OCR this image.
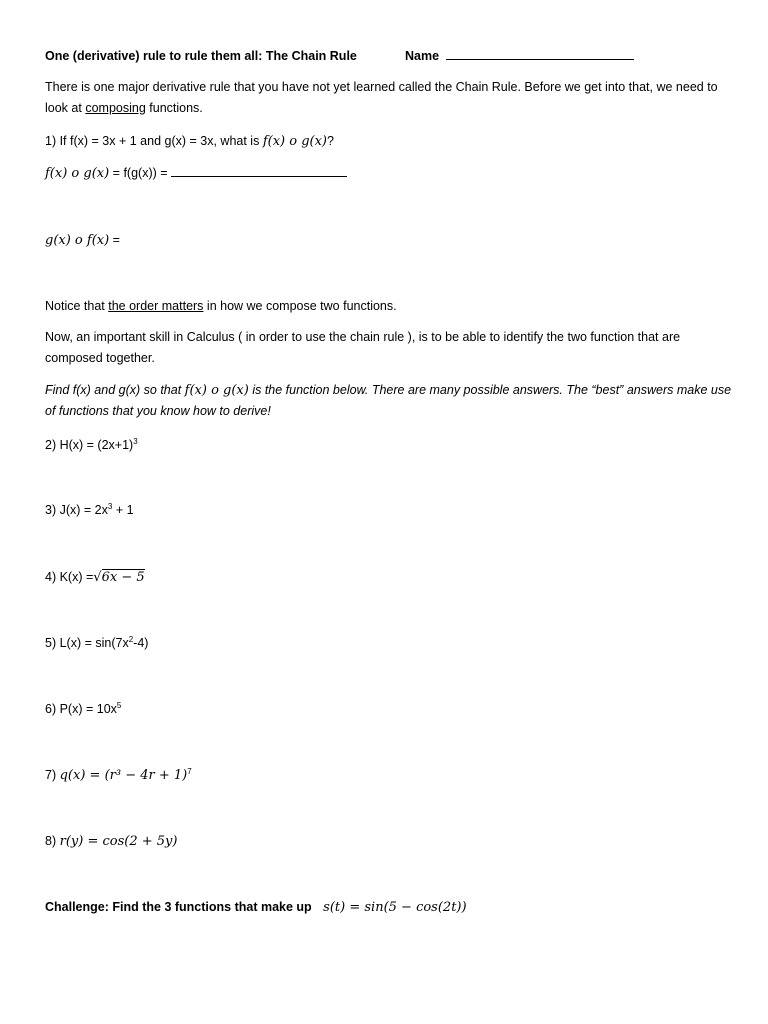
One (derivative) rule to rule them all: The Chain Rule	Name
There is one major derivative rule that you have not yet learned called the Chain Rule. Before we get into that, we need to look at composing functions.
1) If f(x) = 3x + 1 and g(x) = 3x, what is f(x) o g(x)?
f(x) o g(x) = f(g(x)) =
g(x) o f(x) =
Notice that the order matters in how we compose two functions.
Now, an important skill in Calculus ( in order to use the chain rule ), is to be able to identify the two function that are composed together.
Find f(x) and g(x) so that f(x) o g(x) is the function below. There are many possible answers. The “best” answers make use of functions that you know how to derive!
2) $H(x) = (2x+1)^3$
3) $J(x) = 2x^3 + 1$
4) K(x) =√6x − 5
5) $L(x) = \sin(7x^2-4)$
6) $P(x) = 10x^5$
7) $q(x) = (r^3 - 4r + 1)^7$
8) r(y) = cos(2 + 5y)
Challenge: Find the 3 functions that make up s(t) = sin(5 − cos(2t))
